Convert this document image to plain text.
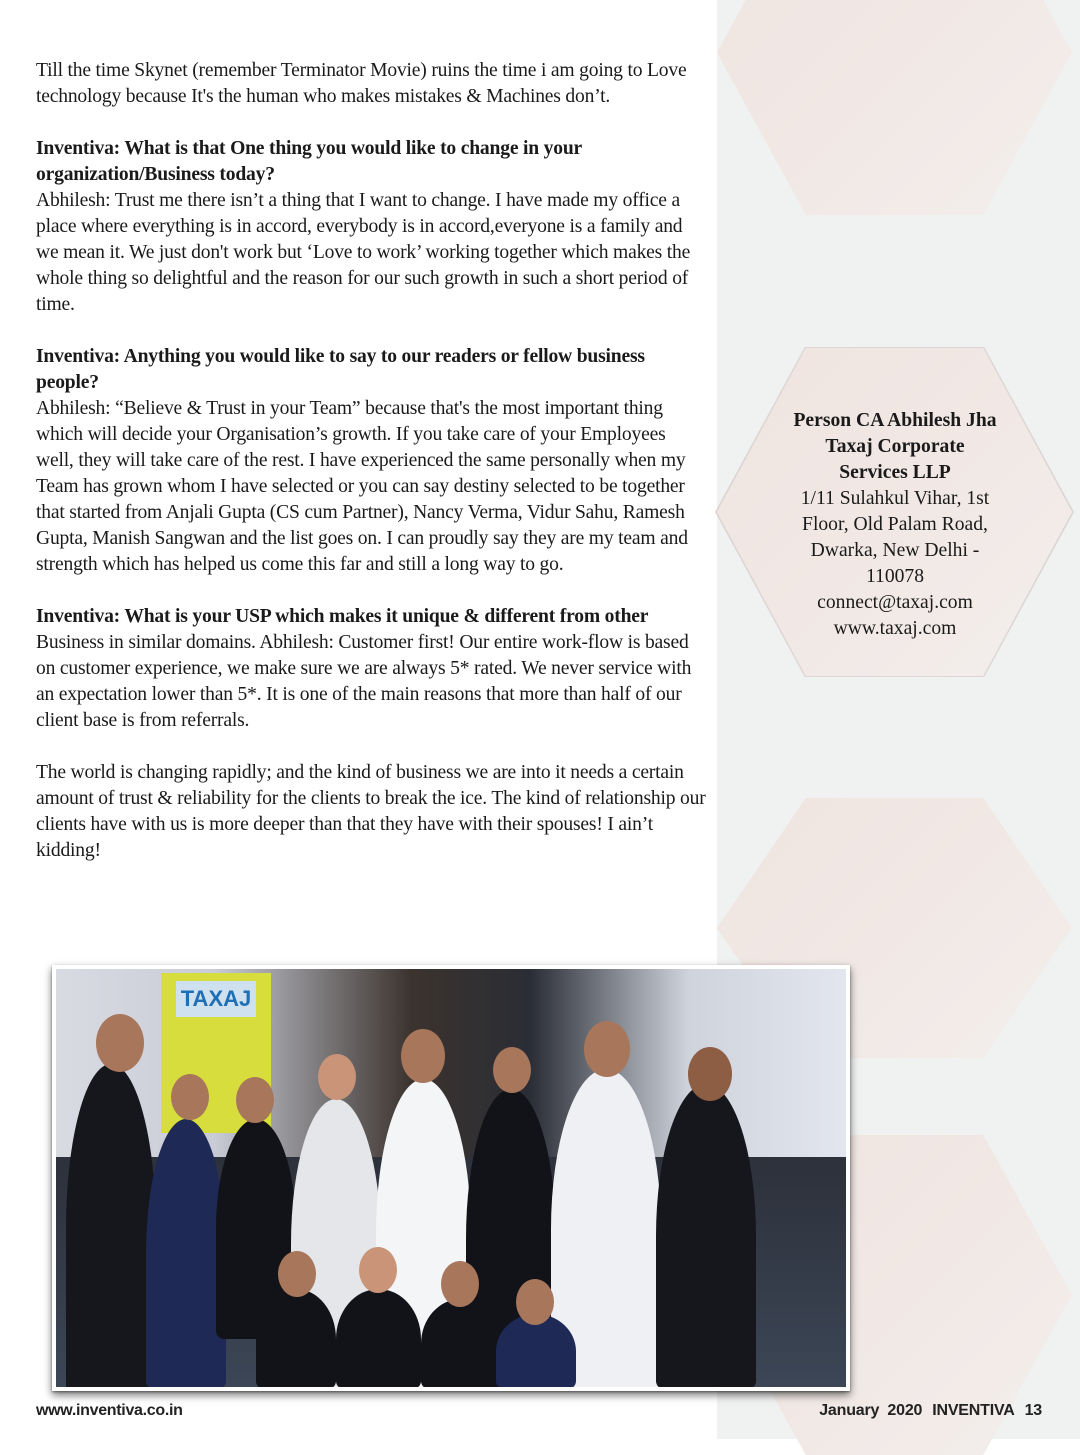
Till the time Skynet (remember Terminator Movie) ruins the time i am going to Love technology because It's the human who makes mistakes & Machines don’t.

Inventiva: What is that One thing you would like to change in your organization/Business today?
Abhilesh: Trust me there isn’t a thing that I want to change. I have made my office a place where everything is in accord, everybody is in accord,everyone is a family and we mean it. We just don't work but ‘Love to work’ working together which makes the whole thing so delightful and the reason for our such growth in such a short period of time.

Inventiva: Anything you would like to say to our readers or fellow business people?
Abhilesh: “Believe & Trust in your Team” because that's the most important thing which will decide your Organisation’s growth. If you take care of your Employees well, they will take care of the rest. I have experienced the same personally when my Team has grown whom I have selected or you can say destiny selected to be together that started from Anjali Gupta (CS cum Partner), Nancy Verma, Vidur Sahu, Ramesh Gupta, Manish Sangwan and the list goes on. I can proudly say they are my team and strength which has helped us come this far and still a long way to go.

Inventiva: What is your USP which makes it unique & different from other
Business in similar domains. Abhilesh: Customer first! Our entire work-flow is based on customer experience, we make sure we are always 5* rated. We never service with an expectation lower than 5*. It is one of the main reasons that more than half of our client base is from referrals.

The world is changing rapidly; and the kind of business we are into it needs a certain amount of trust & reliability for the clients to break the ice. The kind of relationship our clients have with us is more deeper than that they have with their spouses! I ain’t kidding!

Person CA Abhilesh Jha
Taxaj Corporate
Services LLP
1/11 Sulahkul Vihar, 1st
Floor, Old Palam Road,
Dwarka, New Delhi -
110078
connect@taxaj.com
www.taxaj.com
TAXAJ
www.inventiva.co.in	January 2020 INVENTIVA 13
